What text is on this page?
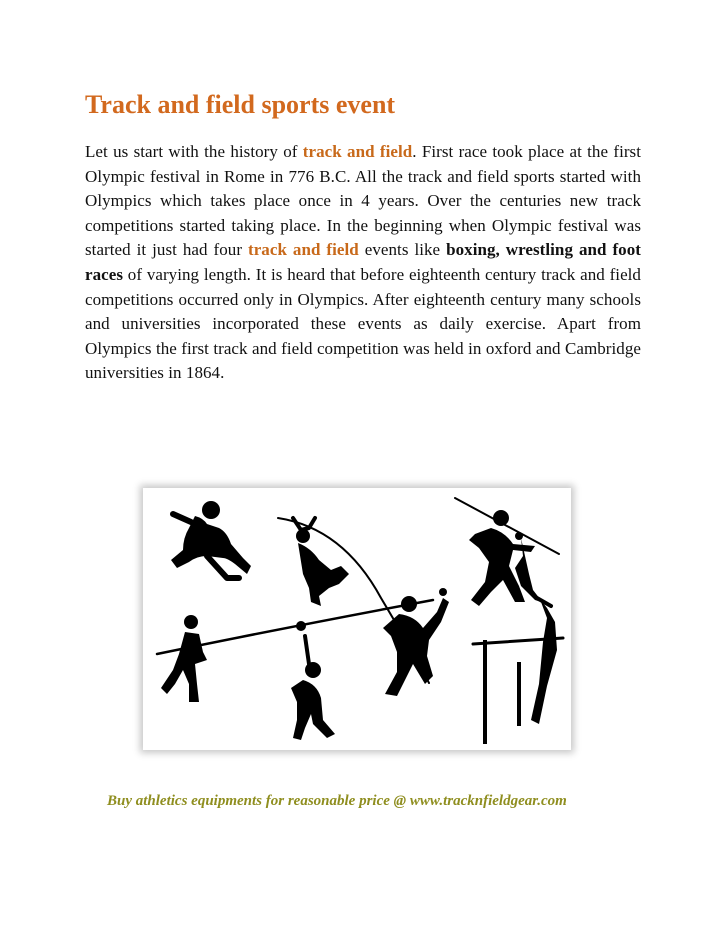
Track and field sports event

Let us start with the history of track and field. First race took place at the first Olympic festival in Rome in 776 B.C. All the track and field sports started with Olympics which takes place once in 4 years. Over the centuries new track competitions started taking place. In the beginning when Olympic festival was started it just had four track and field events like boxing, wrestling and foot races of varying length. It is heard that before eighteenth century track and field competitions occurred only in Olympics. After eighteenth century many schools and universities incorporated these events as daily exercise. Apart from Olympics the first track and field competition was held in oxford and Cambridge universities in 1864.

Buy athletics equipments for reasonable price @ www.tracknfieldgear.com
